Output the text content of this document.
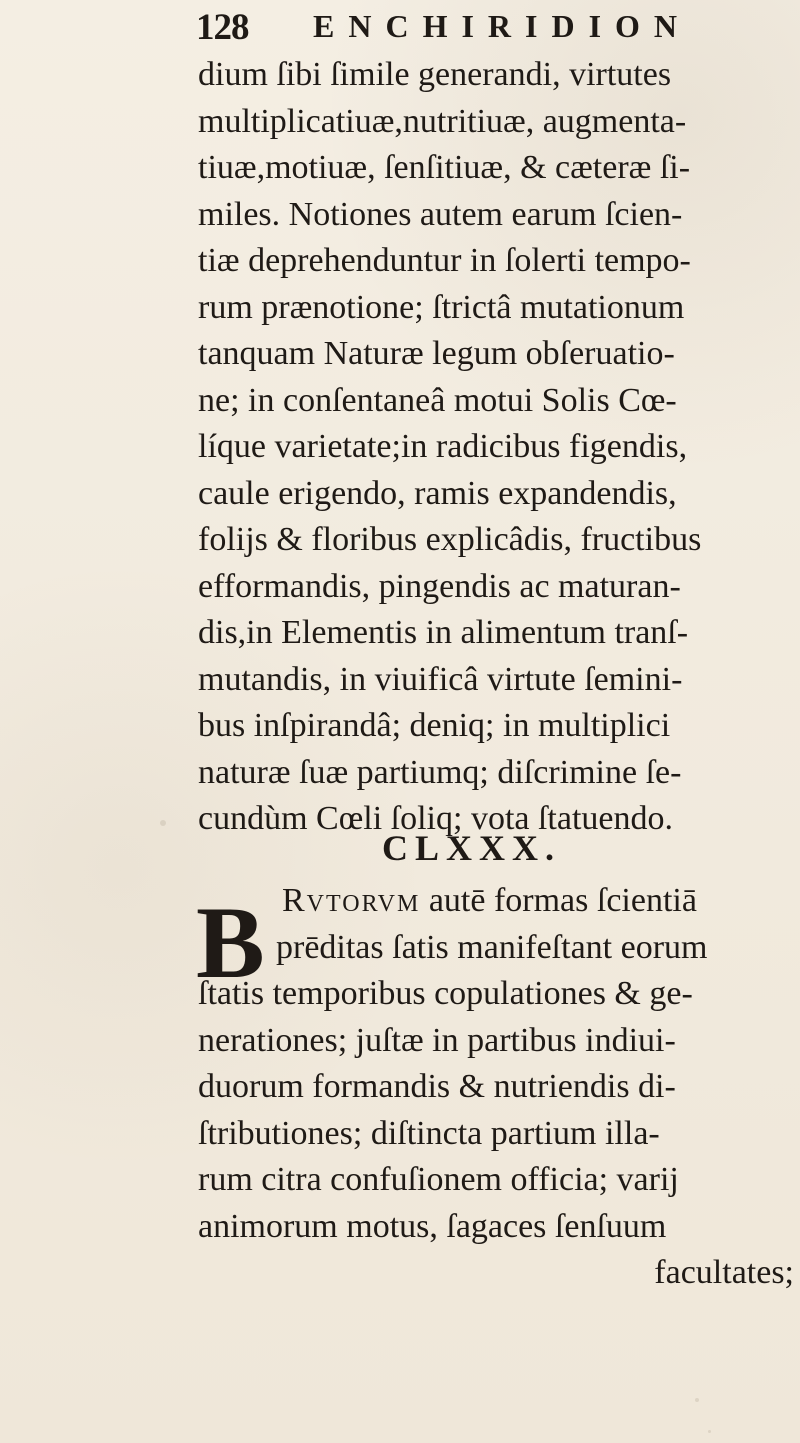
128 ENCHIRIDION
dium ſibi ſimile generandi, virtutes
multiplicatiuæ,nutritiuæ, augmenta-
tiuæ,motiuæ, ſenſitiuæ, & cæteræ ſi-
miles. Notiones autem earum ſcien-
tiæ deprehenduntur in ſolerti tempo-
rum prænotione; ſtrictâ mutationum
tanquam Naturæ legum obſeruatio-
ne; in conſentaneâ motui Solis Cœ-
líque varietate;in radicibus figendis,
caule erigendo, ramis expandendis,
folijs & floribus explicâdis, fructibus
efformandis, pingendis ac maturan-
dis,in Elementis in alimentum tranſ-
mutandis, in viuificâ virtute ſemini-
bus inſpirandâ; deniq; in multiplici
naturæ ſuæ partiumq; diſcrimine ſe-
cundùm Cœli ſoliq; vota ſtatuendo.
CLXXX.
B Rvtorvm autē formas ſcientiā
prēditas ſatis manifeſtant eorum
ſtatis temporibus copulationes & ge-
nerationes; juſtæ in partibus indiui-
duorum formandis & nutriendis di-
ſtributiones; diſtincta partium illa-
rum citra confuſionem officia; varij
animorum motus, ſagaces ſenſuum
facultates;
